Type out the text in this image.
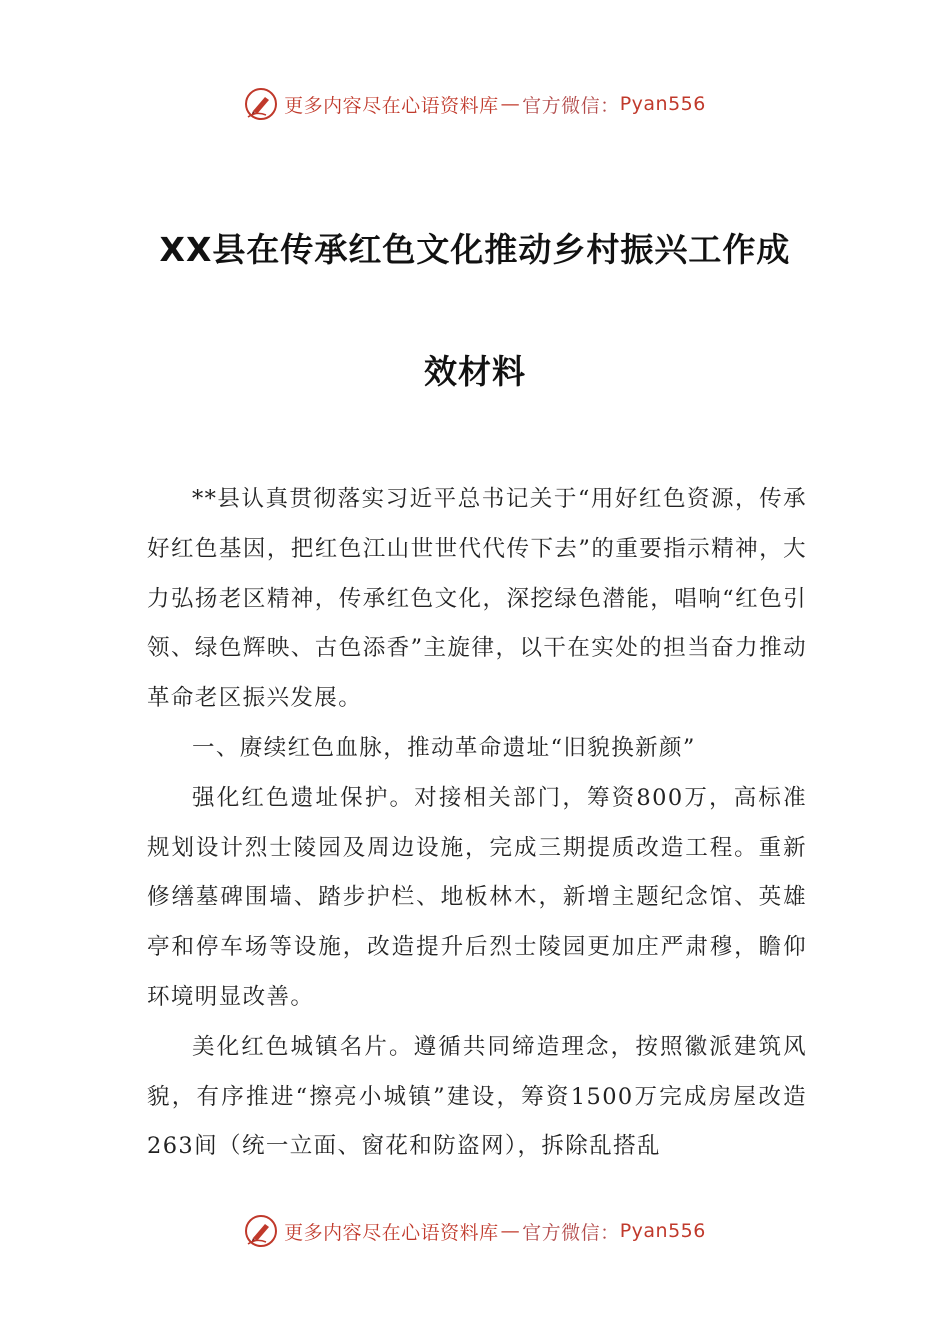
更多内容尽在心语资料库 — 官方微信： Pyan556
XX县在传承红色文化推动乡村振兴工作成
效材料

**县认真贯彻落实习近平总书记关于“用好红色资源，传承好红色基因，把红色江山世世代代传下去”的重要指示精神，大力弘扬老区精神，传承红色文化，深挖绿色潜能，唱响“红色引领、绿色辉映、古色添香”主旋律，以干在实处的担当奋力推动革命老区振兴发展。

一、赓续红色血脉，推动革命遗址“旧貌换新颜”

强化红色遗址保护。对接相关部门，筹资800万，高标准规划设计烈士陵园及周边设施，完成三期提质改造工程。重新修缮墓碑围墙、踏步护栏、地板林木，新增主题纪念馆、英雄亭和停车场等设施，改造提升后烈士陵园更加庄严肃穆，瞻仰环境明显改善。

美化红色城镇名片。遵循共同缔造理念，按照徽派建筑风貌，有序推进“擦亮小城镇”建设，筹资1500万完成房屋改造263间（统一立面、窗花和防盗网），拆除乱搭乱

更多内容尽在心语资料库 — 官方微信： Pyan556
